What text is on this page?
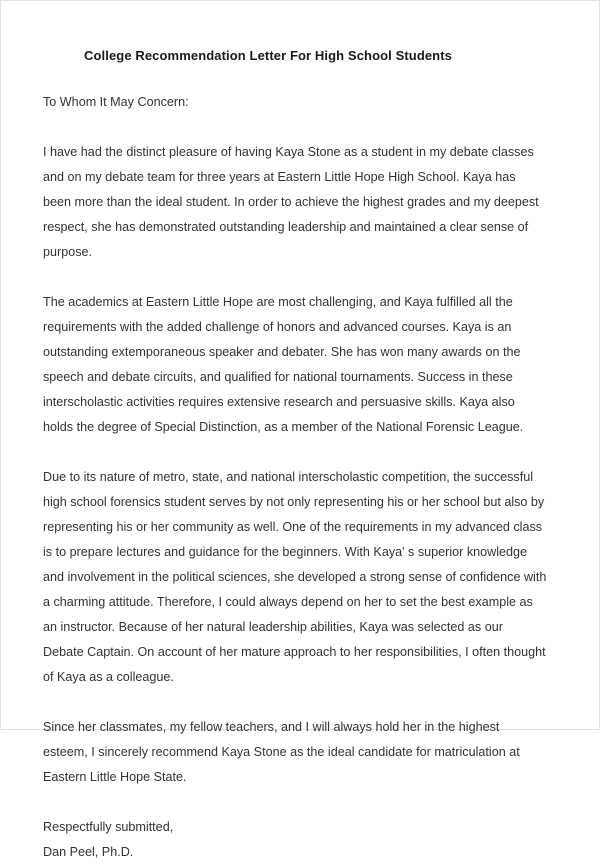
College Recommendation Letter For High School Students

To Whom It May Concern:

I have had the distinct pleasure of having Kaya Stone as a student in my debate classes and on my debate team for three years at Eastern Little Hope High School. Kaya has been more than the ideal student. In order to achieve the highest grades and my deepest respect, she has demonstrated outstanding leadership and maintained a clear sense of purpose.

The academics at Eastern Little Hope are most challenging, and Kaya fulfilled all the requirements with the added challenge of honors and advanced courses. Kaya is an outstanding extemporaneous speaker and debater. She has won many awards on the speech and debate circuits, and qualified for national tournaments. Success in these interscholastic activities requires extensive research and persuasive skills. Kaya also holds the degree of Special Distinction, as a member of the National Forensic League.

Due to its nature of metro, state, and national interscholastic competition, the successful high school forensics student serves by not only representing his or her school but also by representing his or her community as well. One of the requirements in my advanced class is to prepare lectures and guidance for the beginners. With Kaya' s superior knowledge and involvement in the political sciences, she developed a strong sense of confidence with a charming attitude. Therefore, I could always depend on her to set the best example as an instructor. Because of her natural leadership abilities, Kaya was selected as our Debate Captain. On account of her mature approach to her responsibilities, I often thought of Kaya as a colleague.

Since her classmates, my fellow teachers, and I will always hold her in the highest esteem, I sincerely recommend Kaya Stone as the ideal candidate for matriculation at Eastern Little Hope State.

Respectfully submitted,
Dan Peel, Ph.D.
